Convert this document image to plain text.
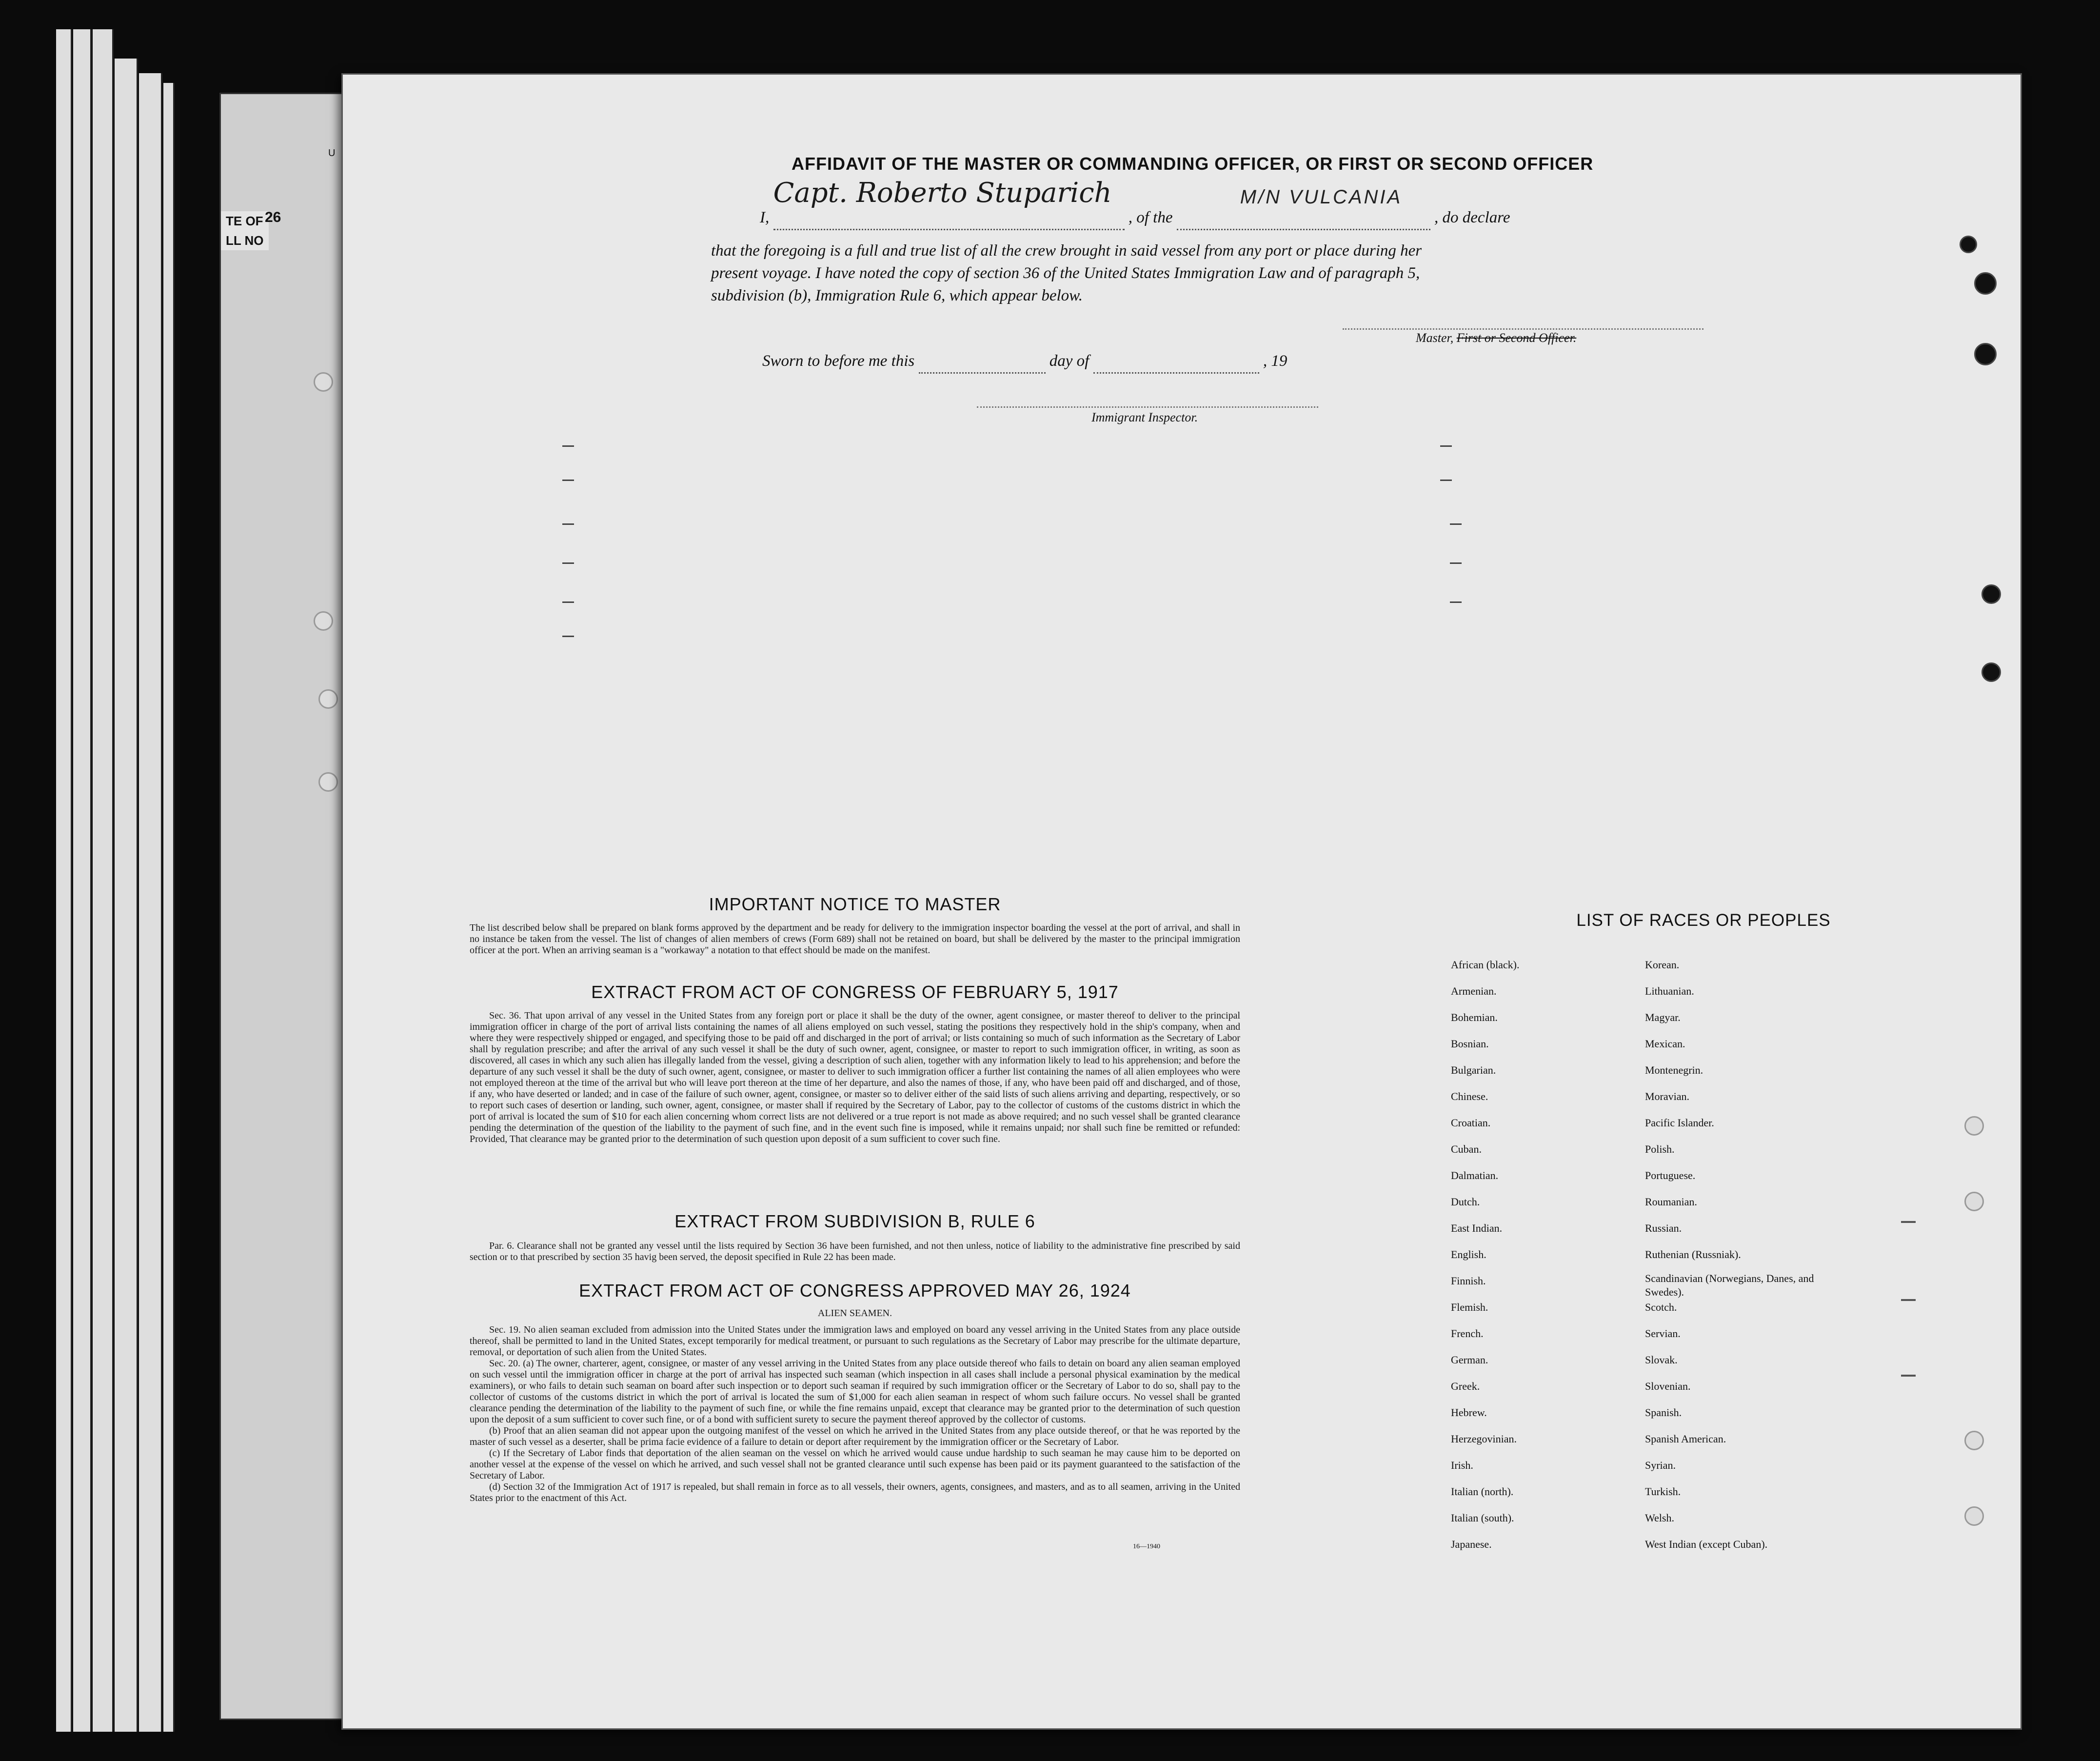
U
TE OF
LL NO
26
AFFIDAVIT OF THE MASTER OR COMMANDING OFFICER, OR FIRST OR SECOND OFFICER
I,
Capt. Roberto Stuparich
, of the
M/N VULCANIA
, do declare
that the foregoing is a full and true list of all the crew brought in said vessel from any port or place during her
present voyage. I have noted the copy of section 36 of the United States Immigration Law and of paragraph 5,
subdivision (b), Immigration Rule 6, which appear below.
Master, First or Second Officer.
Sworn to before me this	day of	, 19
Immigrant Inspector.
IMPORTANT NOTICE TO MASTER
The list described below shall be prepared on blank forms approved by the department and be ready for delivery to the immigration inspector boarding the vessel at the port of arrival, and shall in no instance be taken from the vessel. The list of changes of alien members of crews (Form 689) shall not be retained on board, but shall be delivered by the master to the principal immigration officer at the port. When an arriving seaman is a "workaway" a notation to that effect should be made on the manifest.
EXTRACT FROM ACT OF CONGRESS OF FEBRUARY 5, 1917
Sec. 36. That upon arrival of any vessel in the United States from any foreign port or place it shall be the duty of the owner, agent consignee, or master thereof to deliver to the principal immigration officer in charge of the port of arrival lists containing the names of all aliens employed on such vessel, stating the positions they respectively hold in the ship's company, when and where they were respectively shipped or engaged, and specifying those to be paid off and discharged in the port of arrival; or lists containing so much of such information as the Secretary of Labor shall by regulation prescribe; and after the arrival of any such vessel it shall be the duty of such owner, agent, consignee, or master to report to such immigration officer, in writing, as soon as discovered, all cases in which any such alien has illegally landed from the vessel, giving a description of such alien, together with any information likely to lead to his apprehension; and before the departure of any such vessel it shall be the duty of such owner, agent, consignee, or master to deliver to such immigration officer a further list containing the names of all alien employees who were not employed thereon at the time of the arrival but who will leave port thereon at the time of her departure, and also the names of those, if any, who have been paid off and discharged, and of those, if any, who have deserted or landed; and in case of the failure of such owner, agent, consignee, or master so to deliver either of the said lists of such aliens arriving and departing, respectively, or so to report such cases of desertion or landing, such owner, agent, consignee, or master shall if required by the Secretary of Labor, pay to the collector of customs of the customs district in which the port of arrival is located the sum of $10 for each alien concerning whom correct lists are not delivered or a true report is not made as above required; and no such vessel shall be granted clearance pending the determination of the question of the liability to the payment of such fine, and in the event such fine is imposed, while it remains unpaid; nor shall such fine be remitted or refunded: Provided, That clearance may be granted prior to the determination of such question upon deposit of a sum sufficient to cover such fine.
EXTRACT FROM SUBDIVISION B, RULE 6
Par. 6. Clearance shall not be granted any vessel until the lists required by Section 36 have been furnished, and not then unless, notice of liability to the administrative fine prescribed by said section or to that prescribed by section 35 havig been served, the deposit specified in Rule 22 has been made.
EXTRACT FROM ACT OF CONGRESS APPROVED MAY 26, 1924
ALIEN SEAMEN.
Sec. 19. No alien seaman excluded from admission into the United States under the immigration laws and employed on board any vessel arriving in the United States from any place outside thereof, shall be permitted to land in the United States, except temporarily for medical treatment, or pursuant to such regulations as the Secretary of Labor may prescribe for the ultimate departure, removal, or deportation of such alien from the United States.
Sec. 20. (a) The owner, charterer, agent, consignee, or master of any vessel arriving in the United States from any place outside thereof who fails to detain on board any alien seaman employed on such vessel until the immigration officer in charge at the port of arrival has inspected such seaman (which inspection in all cases shall include a personal physical examination by the medical examiners), or who fails to detain such seaman on board after such inspection or to deport such seaman if required by such immigration officer or the Secretary of Labor to do so, shall pay to the collector of customs of the customs district in which the port of arrival is located the sum of $1,000 for each alien seaman in respect of whom such failure occurs. No vessel shall be granted clearance pending the determination of the liability to the payment of such fine, or while the fine remains unpaid, except that clearance may be granted prior to the determination of such question upon the deposit of a sum sufficient to cover such fine, or of a bond with sufficient surety to secure the payment thereof approved by the collector of customs.
(b) Proof that an alien seaman did not appear upon the outgoing manifest of the vessel on which he arrived in the United States from any place outside thereof, or that he was reported by the master of such vessel as a deserter, shall be prima facie evidence of a failure to detain or deport after requirement by the immigration officer or the Secretary of Labor.
(c) If the Secretary of Labor finds that deportation of the alien seaman on the vessel on which he arrived would cause undue hardship to such seaman he may cause him to be deported on another vessel at the expense of the vessel on which he arrived, and such vessel shall not be granted clearance until such expense has been paid or its payment guaranteed to the satisfaction of the Secretary of Labor.
(d) Section 32 of the Immigration Act of 1917 is repealed, but shall remain in force as to all vessels, their owners, agents, consignees, and masters, and as to all seamen, arriving in the United States prior to the enactment of this Act.
16—1940
LIST OF RACES OR PEOPLES
African (black).
Armenian.
Bohemian.
Bosnian.
Bulgarian.
Chinese.
Croatian.
Cuban.
Dalmatian.
Dutch.
East Indian.
English.
Finnish.
Flemish.
French.
German.
Greek.
Hebrew.
Herzegovinian.
Irish.
Italian (north).
Italian (south).
Japanese.
Korean.
Lithuanian.
Magyar.
Mexican.
Montenegrin.
Moravian.
Pacific Islander.
Polish.
Portuguese.
Roumanian.
Russian.
Ruthenian (Russniak).
Scandinavian (Norwegians, Danes, and Swedes).
Scotch.
Servian.
Slovak.
Slovenian.
Spanish.
Spanish American.
Syrian.
Turkish.
Welsh.
West Indian (except Cuban).
